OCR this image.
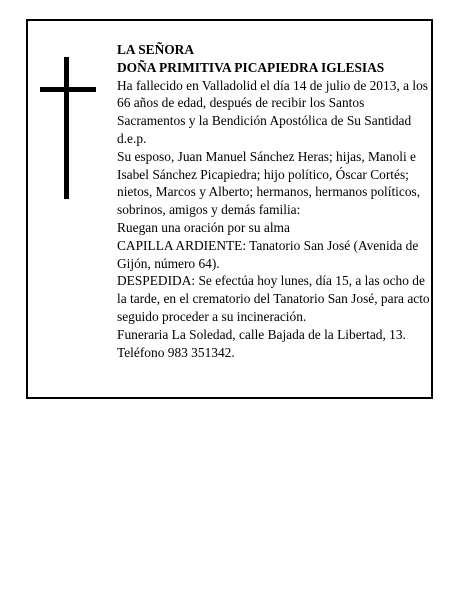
LA SEÑORA

DOÑA PRIMITIVA PICAPIEDRA IGLESIAS

Ha fallecido en Valladolid el día 14 de julio de 2013, a los 66 años de edad, después de recibir los Santos Sacramentos y la Bendición Apostólica de Su Santidad d.e.p.

Su esposo, Juan Manuel Sánchez Heras; hijas, Manoli e Isabel Sánchez Picapiedra; hijo político, Óscar Cortés; nietos, Marcos y Alberto; hermanos, hermanos políticos, sobrinos, amigos y demás familia:

Ruegan una oración por su alma

CAPILLA ARDIENTE: Tanatorio San José (Avenida de Gijón, número 64).

DESPEDIDA: Se efectúa hoy lunes, día 15, a las ocho de la tarde, en el crematorio del Tanatorio San José, para acto seguido proceder a su incineración.

Funeraria La Soledad, calle Bajada de la Libertad, 13. Teléfono 983 351342.
